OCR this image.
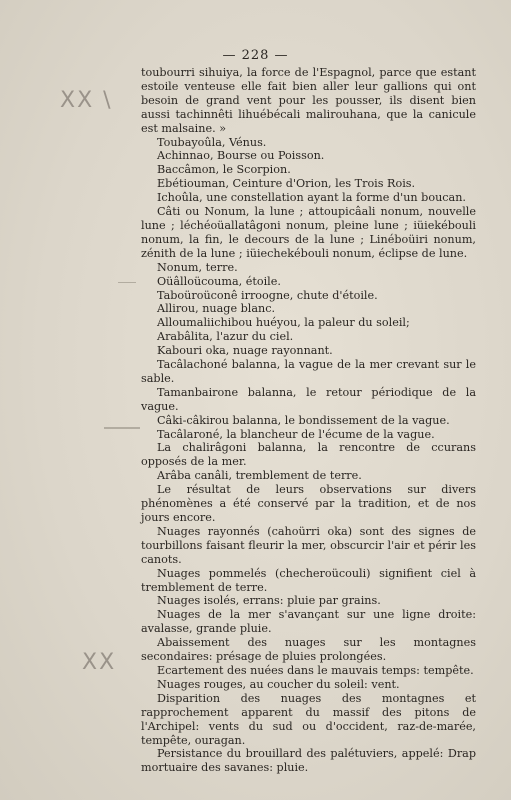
— 228 —
XX \
XX

toubourri sihuiya, la force de l'Espagnol, parce que estant estoile venteuse elle fait bien aller leur gallions qui ont besoin de grand vent pour les pousser, ils disent bien aussi tachinnêti lihuébécali malirouhana, que la canicule est malsaine. »

Toubayoûla, Vénus.

Achinnao, Bourse ou Poisson.

Baccâmon, le Scorpion.

Ebétiouman, Ceinture d'Orion, les Trois Rois.

Ichoûla, une constellation ayant la forme d'un boucan.

Câti ou Nonum, la lune ; attoupicâali nonum, nouvelle lune ; léchéoüallatâgoni nonum, pleine lune ; iüiekébouli nonum, la fin, le decours de la lune ; Linéboüiri nonum, zénith de la lune ; iüiechekébouli nonum, éclipse de lune.

Nonum, terre.

Oüâlloücouma, étoile.

Taboüroüconê irroogne, chute d'étoile.

Allirou, nuage blanc.

Alloumaliichibou huéyou, la paleur du soleil;

Arabâlita, l'azur du ciel.

Kabouri oka, nuage rayonnant.

Tacâlachoné balanna, la vague de la mer crevant sur le sable.

Tamanbairone balanna, le retour périodique de la vague.

Câki-câkirou balanna, le bondissement de la vague.

Tacâlaroné, la blancheur de l'écume de la vague.

La chalirâgoni balanna, la rencontre de ccurans opposés de la mer.

Arâba canâli, tremblement de terre.

Le résultat de leurs observations sur divers phénomènes a été conservé par la tradition, et de nos jours encore.

Nuages rayonnés (cahoürri oka) sont des signes de tourbillons faisant fleurir la mer, obscurcir l'air et périr les canots.

Nuages pommelés (checheroücouli) signifient ciel à tremblement de terre.

Nuages isolés, errans: pluie par grains.

Nuages de la mer s'avançant sur une ligne droite: avalasse, grande pluie.

Abaissement des nuages sur les montagnes secondaires: présage de pluies prolongées.

Ecartement des nuées dans le mauvais temps: tempête.

Nuages rouges, au coucher du soleil: vent.

Disparition des nuages des montagnes et rapprochement apparent du massif des pitons de l'Archipel: vents du sud ou d'occident, raz-de-marée, tempête, ouragan.

Persistance du brouillard des palétuviers, appelé: Drap mortuaire des savanes: pluie.
